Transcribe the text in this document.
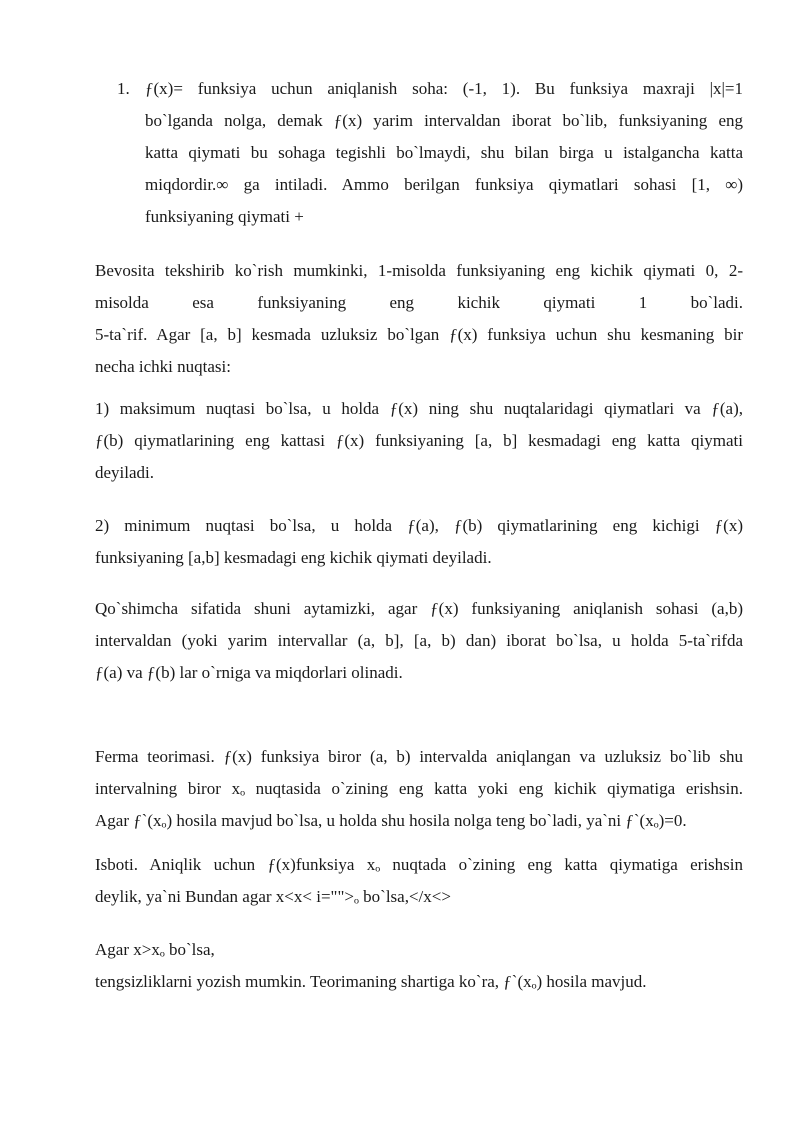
1. ƒ(x)= funksiya uchun aniqlanish soha: (-1, 1). Bu funksiya maxraji |x|=1
bo`lganda nolga, demak ƒ(x) yarim intervaldan iborat bo`lib, funksiyaning eng
katta qiymati bu sohaga tegishli bo`lmaydi, shu bilan birga u istalgancha katta
miqdordir.∞ ga intiladi. Ammo berilgan funksiya qiymatlari sohasi [1, ∞)
funksiyaning qiymati +
Bevosita tekshirib ko`rish mumkinki, 1-misolda funksiyaning eng kichik qiymati 0, 2-
misolda esa funksiyaning eng kichik qiymati 1 bo`ladi.
5-ta`rif. Agar [a, b] kesmada uzluksiz bo`lgan ƒ(x) funksiya uchun shu kesmaning bir
necha ichki nuqtasi:
1) maksimum nuqtasi bo`lsa, u holda ƒ(x) ning shu nuqtalaridagi qiymatlari va ƒ(a),
ƒ(b) qiymatlarining eng kattasi ƒ(x) funksiyaning [a, b] kesmadagi eng katta qiymati
deyiladi.
2) minimum nuqtasi bo`lsa, u holda ƒ(a), ƒ(b) qiymatlarining eng kichigi ƒ(x)
funksiyaning [a,b] kesmadagi eng kichik qiymati deyiladi.
Qo`shimcha sifatida shuni aytamizki, agar ƒ(x) funksiyaning aniqlanish sohasi (a,b)
intervaldan (yoki yarim intervallar (a, b], [a, b) dan) iborat bo`lsa, u holda 5-ta`rifda
ƒ(a) va ƒ(b) lar o`rniga va miqdorlari olinadi.
Ferma teorimasi. ƒ(x) funksiya biror (a, b) intervalda aniqlangan va uzluksiz bo`lib shu
intervalning biror xₒ nuqtasida o`zining eng katta yoki eng kichik qiymatiga erishsin.
Agar ƒ`(xₒ) hosila mavjud bo`lsa, u holda shu hosila nolga teng bo`ladi, ya`ni ƒ`(xₒ)=0.
Isboti. Aniqlik uchun ƒ(x)funksiya xₒ nuqtada o`zining eng katta qiymatiga erishsin
deylik, ya`ni Bundan agar x<x< i="">ₒ bo`lsa,</x<>
Agar x>xₒ bo`lsa,
tengsizliklarni yozish mumkin. Teorimaning shartiga ko`ra, ƒ`(xₒ) hosila mavjud.
